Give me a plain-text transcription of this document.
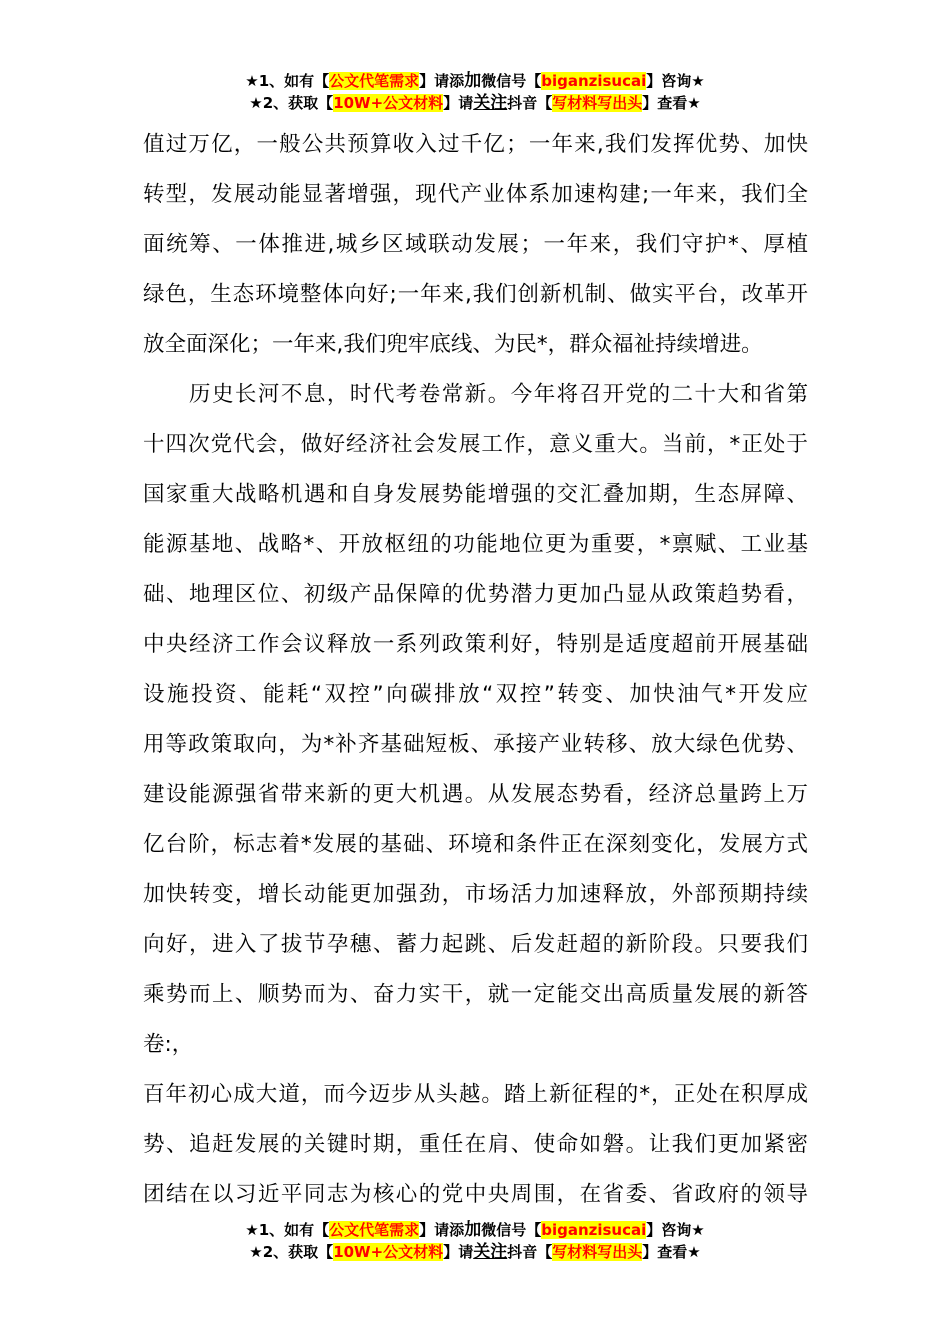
★1、如有【公文代笔需求】请添加微信号【biganzisucai】咨询★
★2、获取【10W+公文材料】请关注抖音【写材料写出头】查看★
值过万亿，一般公共预算收入过千亿；一年来,我们发挥优势、加快
转型，发展动能显著增强，现代产业体系加速构建;一年来，我们全
面统筹、一体推进,城乡区域联动发展；一年来，我们守护*、厚植
绿色，生态环境整体向好;一年来,我们创新机制、做实平台，改革开
放全面深化；一年来,我们兜牢底线、为民*，群众福祉持续增进。
　　历史长河不息，时代考卷常新。今年将召开党的二十大和省第
十四次党代会，做好经济社会发展工作，意义重大。当前，*正处于
国家重大战略机遇和自身发展势能增强的交汇叠加期，生态屏障、
能源基地、战略*、开放枢纽的功能地位更为重要，*禀赋、工业基
础、地理区位、初级产品保障的优势潜力更加凸显从政策趋势看，
中央经济工作会议释放一系列政策利好，特别是适度超前开展基础
设施投资、能耗“双控”向碳排放“双控”转变、加快油气*开发应
用等政策取向，为*补齐基础短板、承接产业转移、放大绿色优势、
建设能源强省带来新的更大机遇。从发展态势看，经济总量跨上万
亿台阶，标志着*发展的基础、环境和条件正在深刻变化，发展方式
加快转变，增长动能更加强劲，市场活力加速释放，外部预期持续
向好，进入了拔节孕穗、蓄力起跳、后发赶超的新阶段。只要我们
乘势而上、顺势而为、奋力实干，就一定能交出高质量发展的新答
卷:，
百年初心成大道，而今迈步从头越。踏上新征程的*，正处在积厚成
势、追赶发展的关键时期，重任在肩、使命如磐。让我们更加紧密
团结在以习近平同志为核心的党中央周围，在省委、省政府的领导
★1、如有【公文代笔需求】请添加微信号【biganzisucai】咨询★
★2、获取【10W+公文材料】请关注抖音【写材料写出头】查看★
